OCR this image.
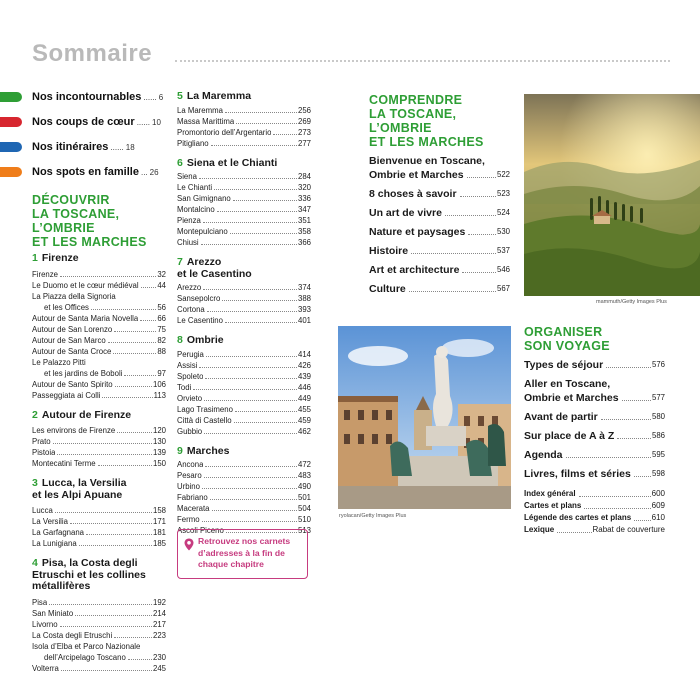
Sommaire
Nos incontournables ...... 6
Nos coups de cœur ...... 10
Nos itinéraires ...... 18
Nos spots en famille ... 26
DÉCOUVRIR
LA TOSCANE,
L’OMBRIE
ET LES MARCHES
1 Firenze
Firenze	32
Le Duomo et le cœur médiéval 44
La Piazza della Signoria
et les Offices	56
Autour de Santa Maria Novella 66
Autour de San Lorenzo	75
Autour de San Marco	82
Autour de Santa Croce	88
Le Palazzo Pitti
et les jardins de Boboli	97
Autour de Santo Spirito	106
Passeggiata ai Colli	113
2 Autour de Firenze
Les environs de Firenze	120
Prato	130
Pistoia	139
Montecatini Terme	150
3 Lucca, la Versilia
et les Alpi Apuane
Lucca	158
La Versilia	171
La Garfagnana	181
La Lunigiana	185
4 Pisa, la Costa degli
Etruschi et les collines
métallifères
Pisa	192
San Miniato	214
Livorno	217
La Costa degli Etruschi	223
Isola d’Elba et Parco Nazionale
dell’Arcipelago Toscano	230
Volterra	245
5 La Maremma
La Maremma	256
Massa Marittima	269
Promontorio dell’Argentario	273
Pitigliano	277
6 Siena et le Chianti
Siena	284
Le Chianti	320
San Gimignano	336
Montalcino	347
Pienza	351
Montepulciano	358
Chiusi	366
7 Arezzo
et le Casentino
Arezzo	374
Sansepolcro	388
Cortona	393
Le Casentino	401
8 Ombrie
Perugia	414
Assisi	426
Spoleto	439
Todi	446
Orvieto	449
Lago Trasimeno	455
Città di Castello	459
Gubbio	462
9 Marches
Ancona	472
Pesaro	483
Urbino	490
Fabriano	501
Macerata	504
Fermo	510
Ascoli Piceno	513
Retrouvez nos carnets
d’adresses à la fin de
chaque chapitre
COMPRENDRE
LA TOSCANE,
L’OMBRIE
ET LES MARCHES
Bienvenue en Toscane,
Ombrie et Marches	522
8 choses à savoir	523
Un art de vivre	524
Nature et paysages	530
Histoire	537
Art et architecture	546
Culture	567
mammuth/Getty Images Plus
ryolacan/Getty Images Plus
ORGANISER
SON VOYAGE
Types de séjour	576
Aller en Toscane,
Ombrie et Marches	577
Avant de partir	580
Sur place de A à Z	586
Agenda	595
Livres, films et séries	598
Index général	600
Cartes et plans	609
Légende des cartes et plans	610
Lexique	Rabat de couverture
